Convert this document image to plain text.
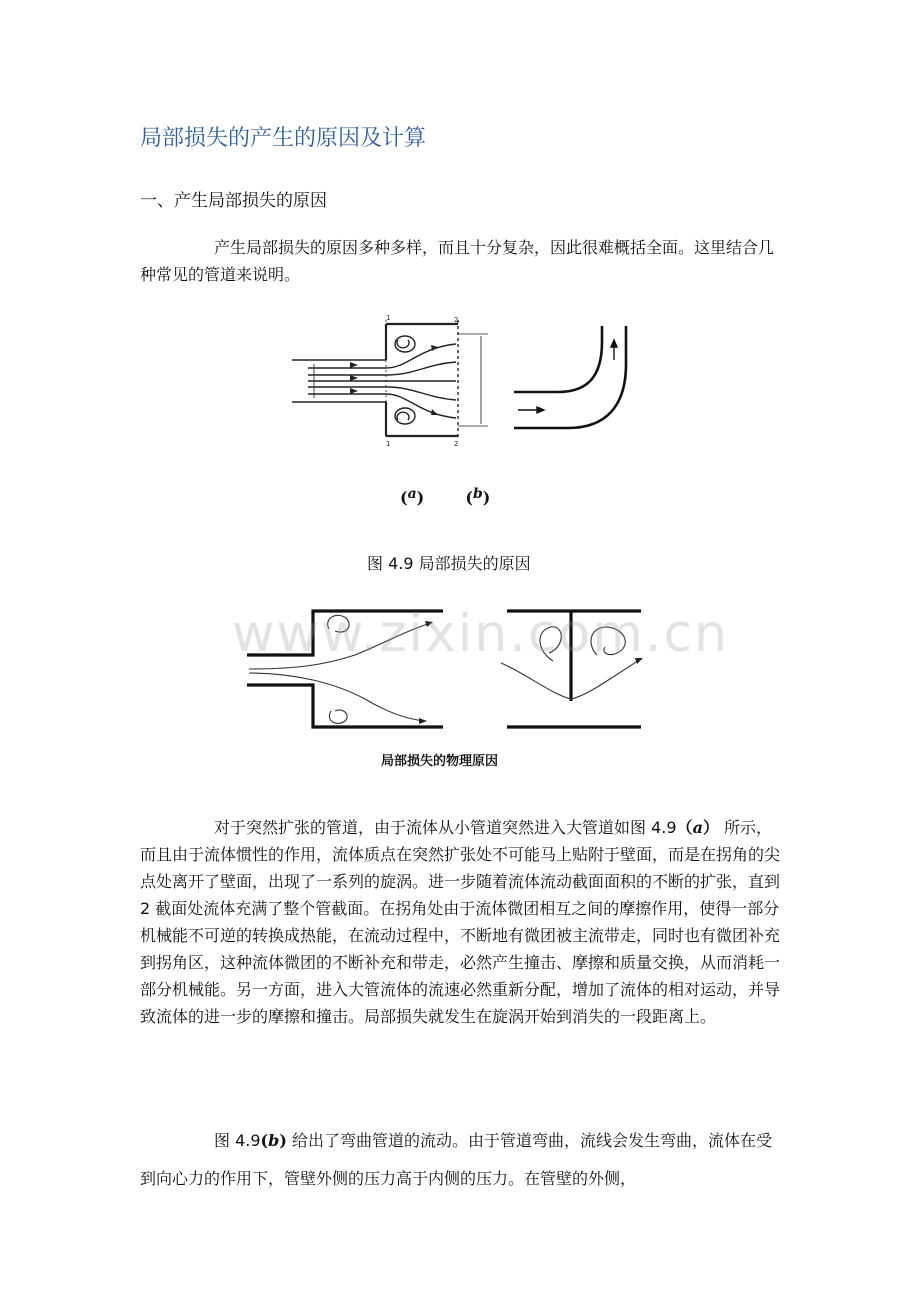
局部损失的产生的原因及计算
一、产生局部损失的原因

产生局部损失的原因多种多样，而且十分复杂，因此很难概括全面。这里结合几种常见的管道来说明。

1	2
1	2
(a)	(b)
图 4.9 局部损失的原因
www.zixin.com.cn
局部损失的物理原因

对于突然扩张的管道，由于流体从小管道突然进入大管道如图 4.9（a） 所示，而且由于流体惯性的作用，流体质点在突然扩张处不可能马上贴附于壁面，而是在拐角的尖点处离开了壁面，出现了一系列的旋涡。进一步随着流体流动截面面积的不断的扩张，直到 2 截面处流体充满了整个管截面。在拐角处由于流体微团相互之间的摩擦作用，使得一部分机械能不可逆的转换成热能，在流动过程中，不断地有微团被主流带走，同时也有微团补充到拐角区，这种流体微团的不断补充和带走，必然产生撞击、摩擦和质量交换，从而消耗一部分机械能。另一方面，进入大管流体的流速必然重新分配，增加了流体的相对运动，并导致流体的进一步的摩擦和撞击。局部损失就发生在旋涡开始到消失的一段距离上。

图 4.9(b) 给出了弯曲管道的流动。由于管道弯曲，流线会发生弯曲，流体在受到向心力的作用下，管壁外侧的压力高于内侧的压力。在管壁的外侧，
